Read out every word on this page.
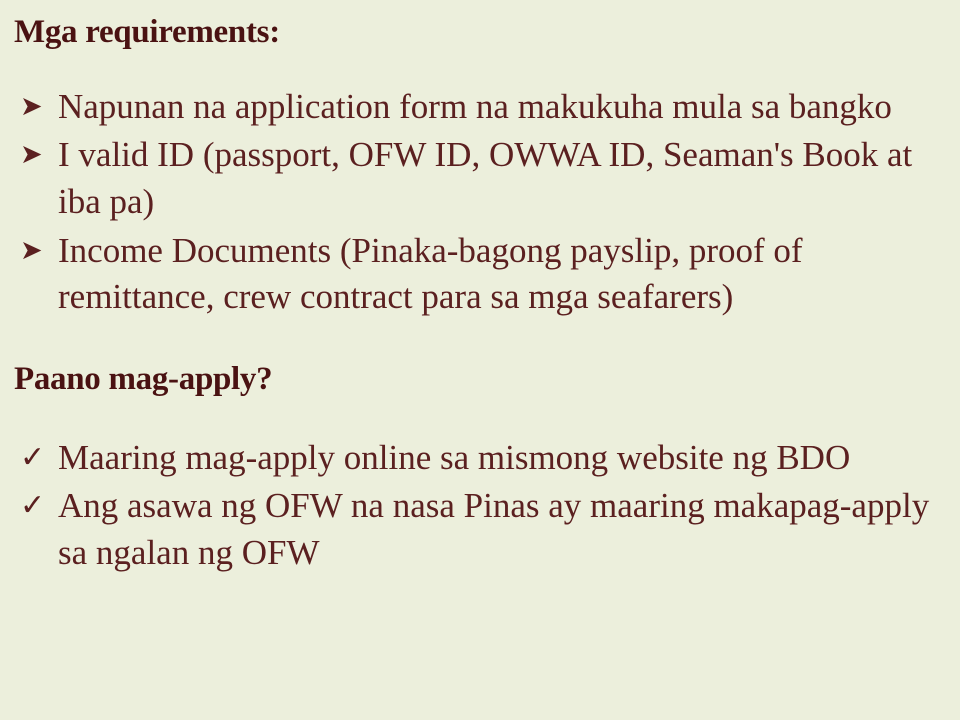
Mga requirements:
➤ Napunan na application form na makukuha mula sa bangko
➤ I valid ID (passport, OFW ID, OWWA ID, Seaman's Book at iba pa)
➤ Income Documents (Pinaka-bagong payslip, proof of remittance, crew contract para sa mga seafarers)
Paano mag-apply?
✓ Maaring mag-apply online sa mismong website ng BDO
✓ Ang asawa ng OFW na nasa Pinas ay maaring makapag-apply sa ngalan ng OFW
